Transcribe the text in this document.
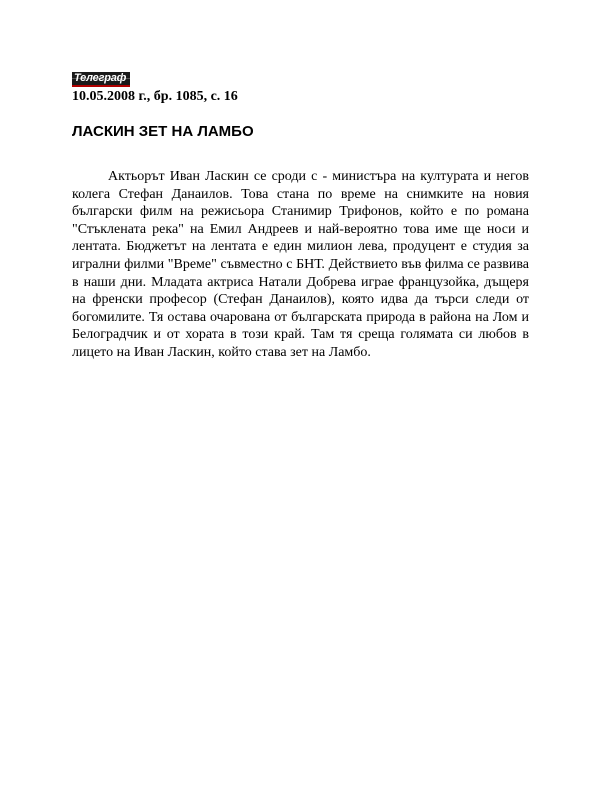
Телеграф
10.05.2008 г., бр. 1085, с. 16
ЛАСКИН ЗЕТ НА ЛАМБО
Актьорът Иван Ласкин се сроди с - министъра на културата и негов колега Стефан Данаилов. Това стана по време на снимките на новия български филм на режисьора Станимир Трифонов, който е по романа "Стъклената река" на Емил Андреев и най-вероятно това име ще носи и лентата. Бюджетът на лентата е един милион лева, продуцент е студия за игрални филми "Време" съвместно с БНТ. Действието във филма се развива в наши дни. Младата актриса Натали Добрева играе французойка, дъщеря на френски професор (Стефан Данаилов), която идва да търси следи от богомилите. Тя остава очарована от българската природа в района на Лом и Белоградчик и от хората в този край. Там тя среща голямата си любов в лицето на Иван Ласкин, който става зет на Ламбо.
